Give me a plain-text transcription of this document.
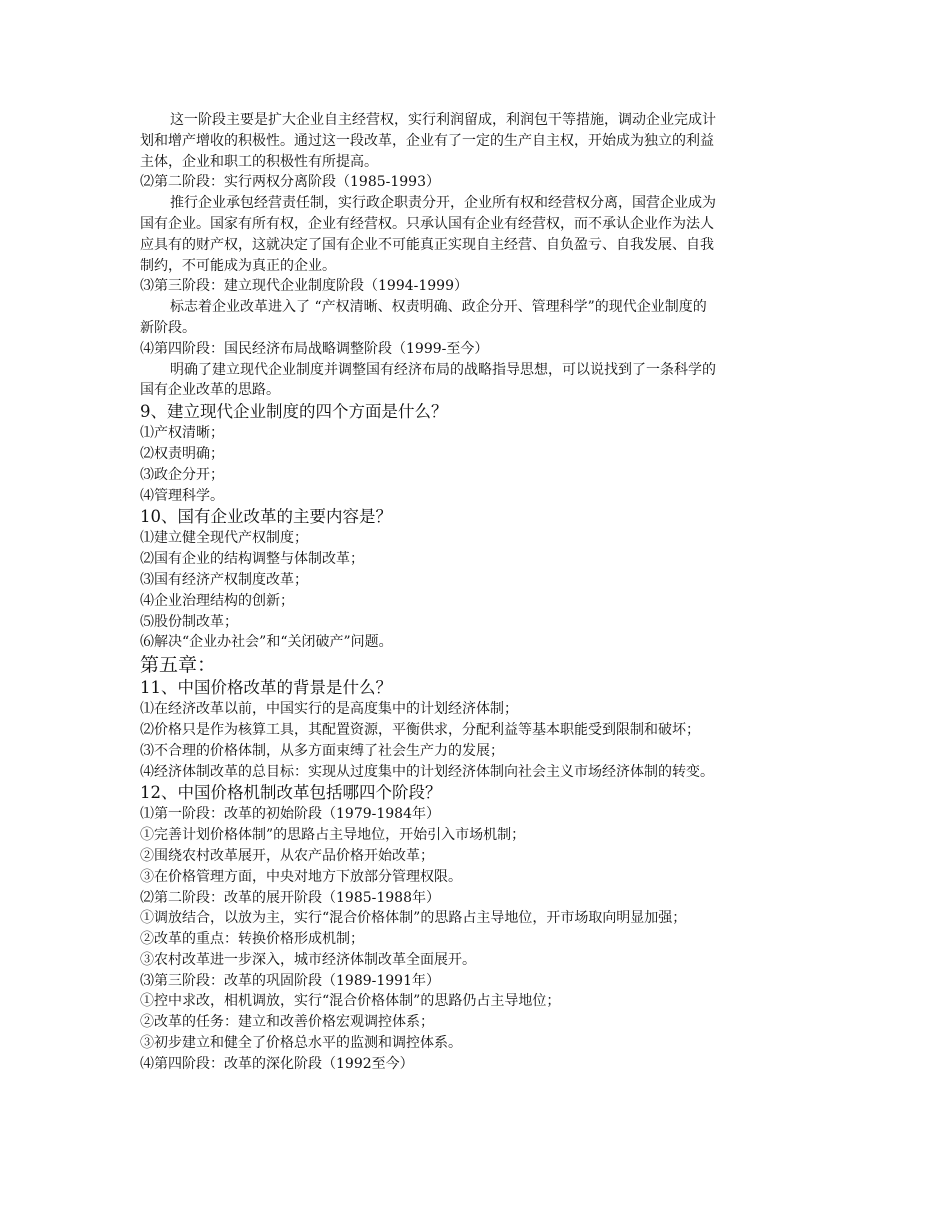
这一阶段主要是扩大企业自主经营权，实行利润留成，利润包干等措施，调动企业完成计
划和增产增收的积极性。通过这一段改革，企业有了一定的生产自主权，开始成为独立的利益
主体，企业和职工的积极性有所提高。
⑵第二阶段：实行两权分离阶段（1985-1993）
推行企业承包经营责任制，实行政企职责分开，企业所有权和经营权分离，国营企业成为
国有企业。国家有所有权，企业有经营权。只承认国有企业有经营权，而不承认企业作为法人
应具有的财产权，这就决定了国有企业不可能真正实现自主经营、自负盈亏、自我发展、自我
制约，不可能成为真正的企业。
⑶第三阶段：建立现代企业制度阶段（1994-1999）
标志着企业改革进入了 “产权清晰、权责明确、政企分开、管理科学”的现代企业制度的
新阶段。
⑷第四阶段：国民经济布局战略调整阶段（1999-至今）
明确了建立现代企业制度并调整国有经济布局的战略指导思想，可以说找到了一条科学的
国有企业改革的思路。
9、建立现代企业制度的四个方面是什么？
⑴产权清晰；
⑵权责明确；
⑶政企分开；
⑷管理科学。
10、国有企业改革的主要内容是？
⑴建立健全现代产权制度；
⑵国有企业的结构调整与体制改革；
⑶国有经济产权制度改革；
⑷企业治理结构的创新；
⑸股份制改革；
⑹解决“企业办社会”和“关闭破产”问题。
第五章：
11、中国价格改革的背景是什么？
⑴在经济改革以前，中国实行的是高度集中的计划经济体制；
⑵价格只是作为核算工具，其配置资源，平衡供求，分配利益等基本职能受到限制和破坏；
⑶不合理的价格体制，从多方面束缚了社会生产力的发展；
⑷经济体制改革的总目标：实现从过度集中的计划经济体制向社会主义市场经济体制的转变。
12、中国价格机制改革包括哪四个阶段？
⑴第一阶段：改革的初始阶段（1979-1984年）
①完善计划价格体制”的思路占主导地位，开始引入市场机制；
②围绕农村改革展开，从农产品价格开始改革；
③在价格管理方面，中央对地方下放部分管理权限。
⑵第二阶段：改革的展开阶段（1985-1988年）
①调放结合，以放为主，实行“混合价格体制”的思路占主导地位，开市场取向明显加强；
②改革的重点：转换价格形成机制；
③农村改革进一步深入，城市经济体制改革全面展开。
⑶第三阶段：改革的巩固阶段（1989-1991年）
①控中求改，相机调放，实行“混合价格体制”的思路仍占主导地位；
②改革的任务：建立和改善价格宏观调控体系；
③初步建立和健全了价格总水平的监测和调控体系。
⑷第四阶段：改革的深化阶段（1992至今）
